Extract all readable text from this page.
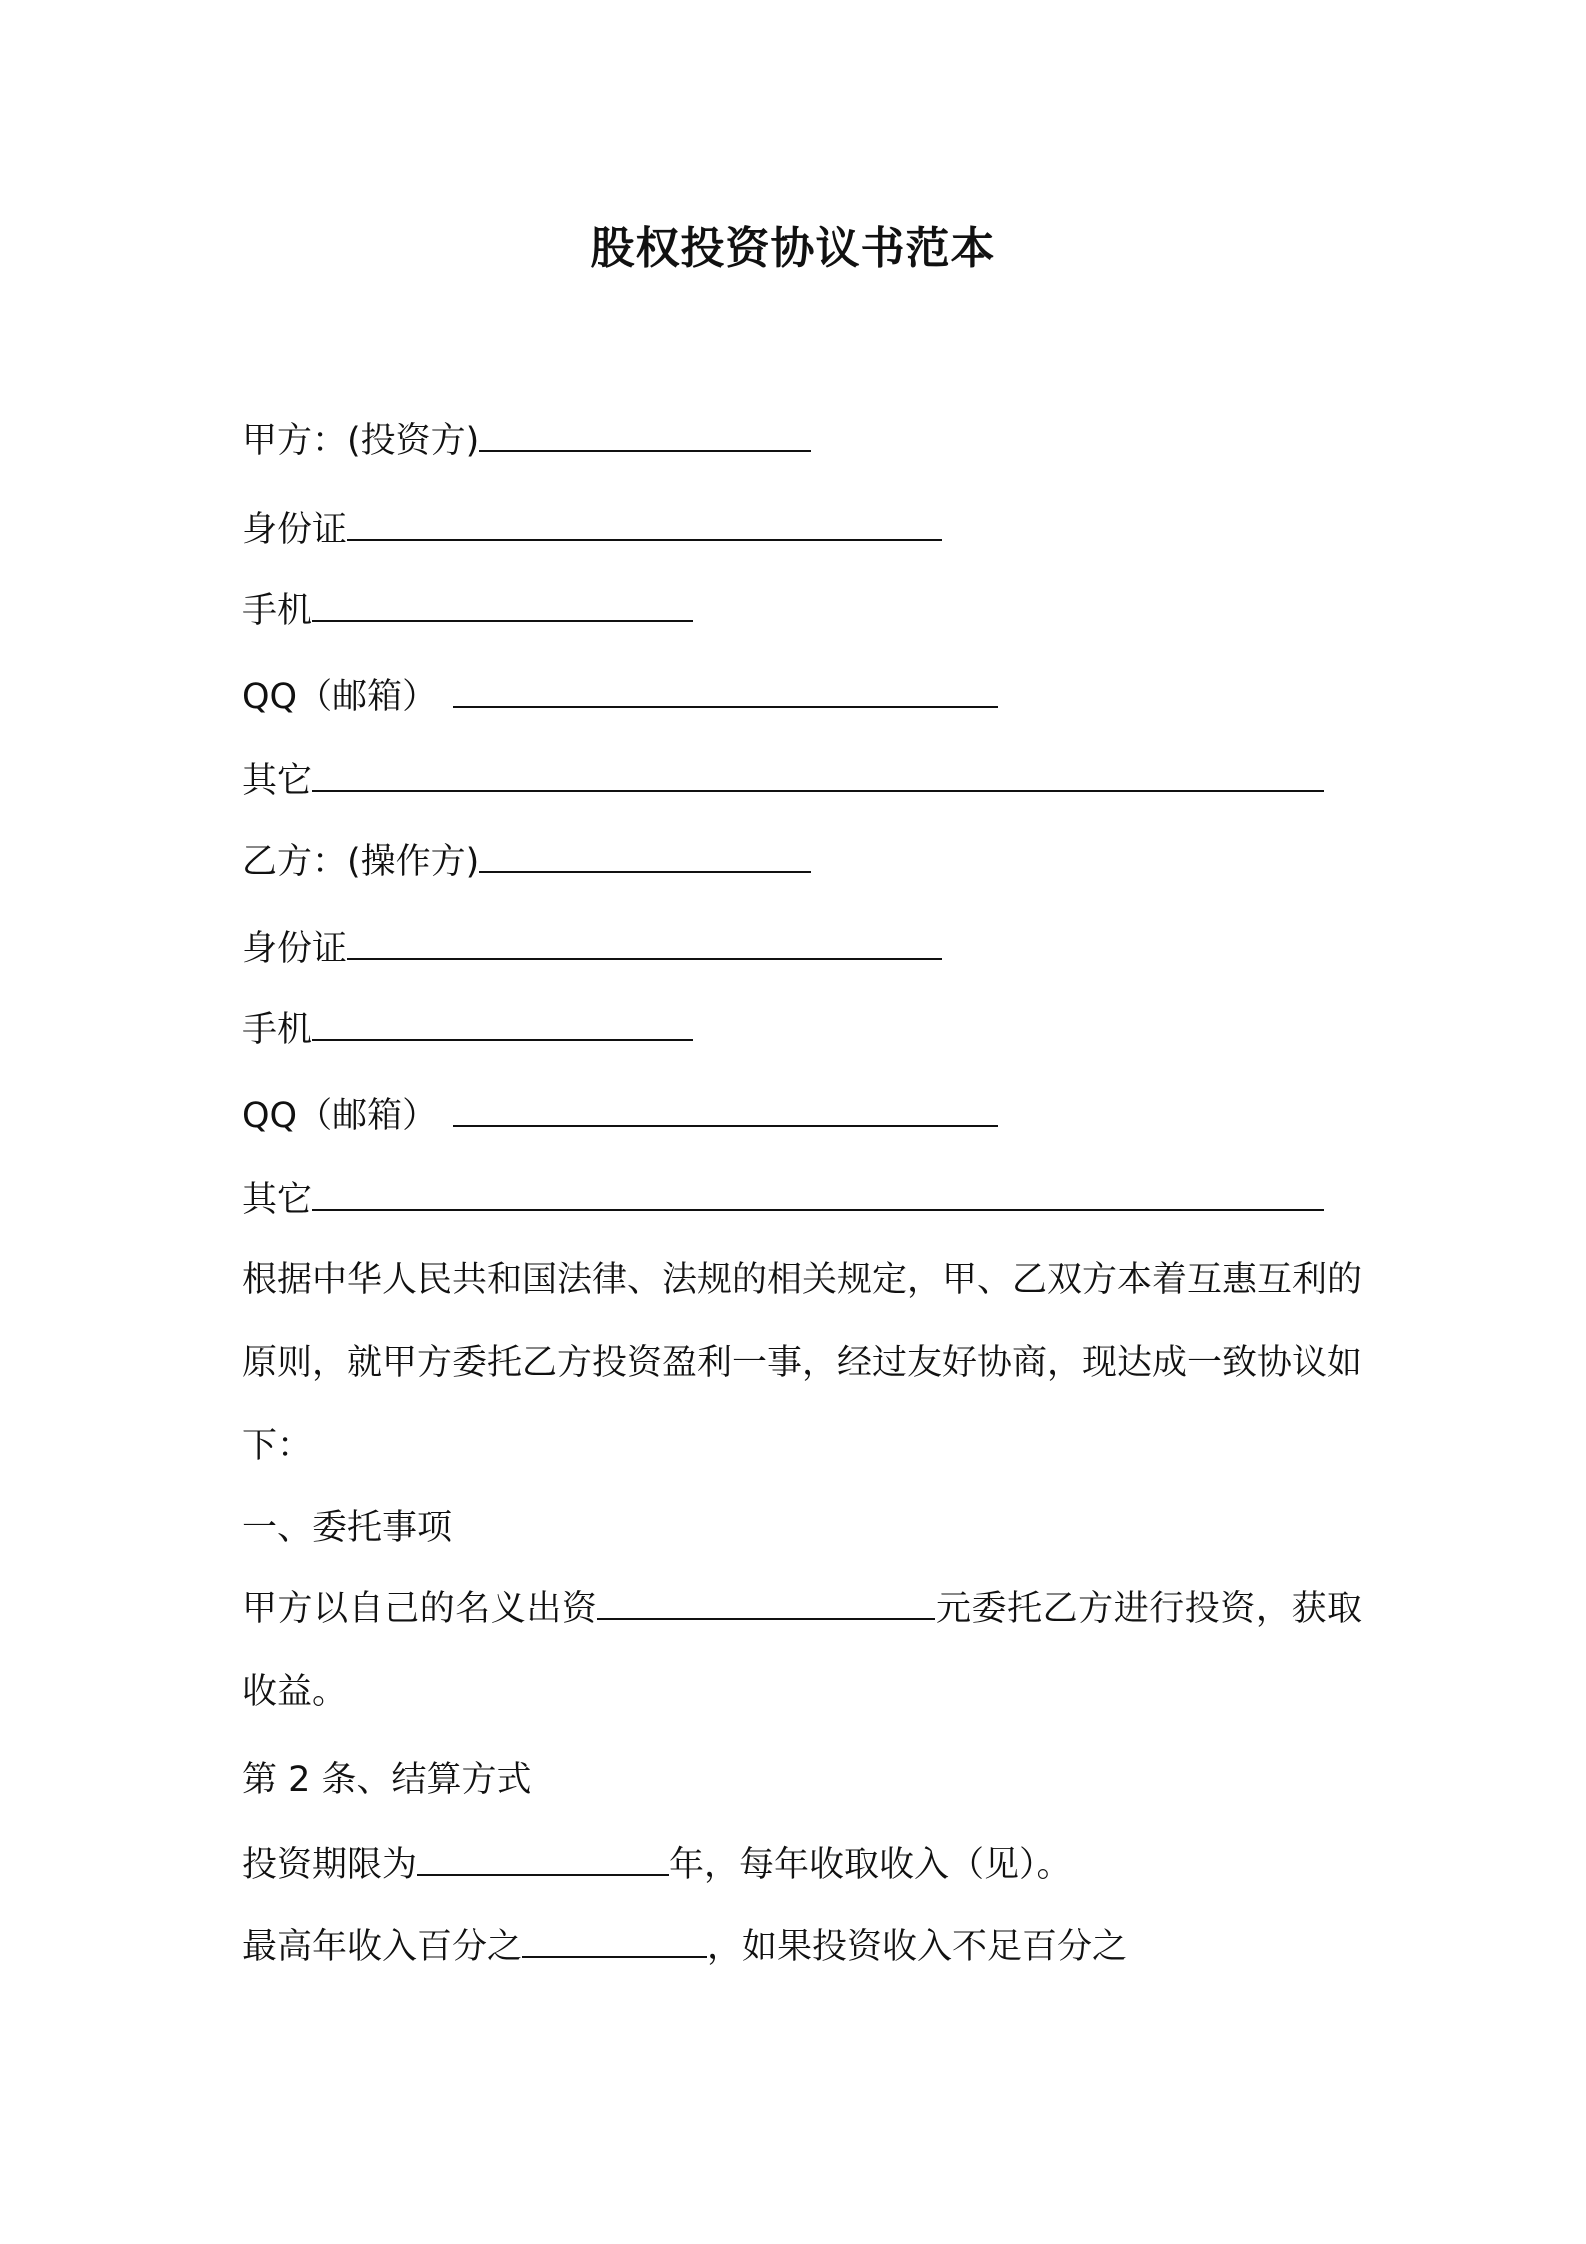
股权投资协议书范本
甲方：(投资方)
身份证
手机
QQ（邮箱）
其它
乙方：(操作方)
身份证
手机
QQ（邮箱）
其它
根据中华人民共和国法律、法规的相关规定，甲、乙双方本着互惠互利的原则，就甲方委托乙方投资盈利一事，经过友好协商，现达成一致协议如下：
一、委托事项
甲方以自己的名义出资	元委托乙方进行投资，获取收益。
第 2 条、结算方式
投资期限为	年，每年收取收入（见）。
最高年收入百分之	，如果投资收入不足百分之
